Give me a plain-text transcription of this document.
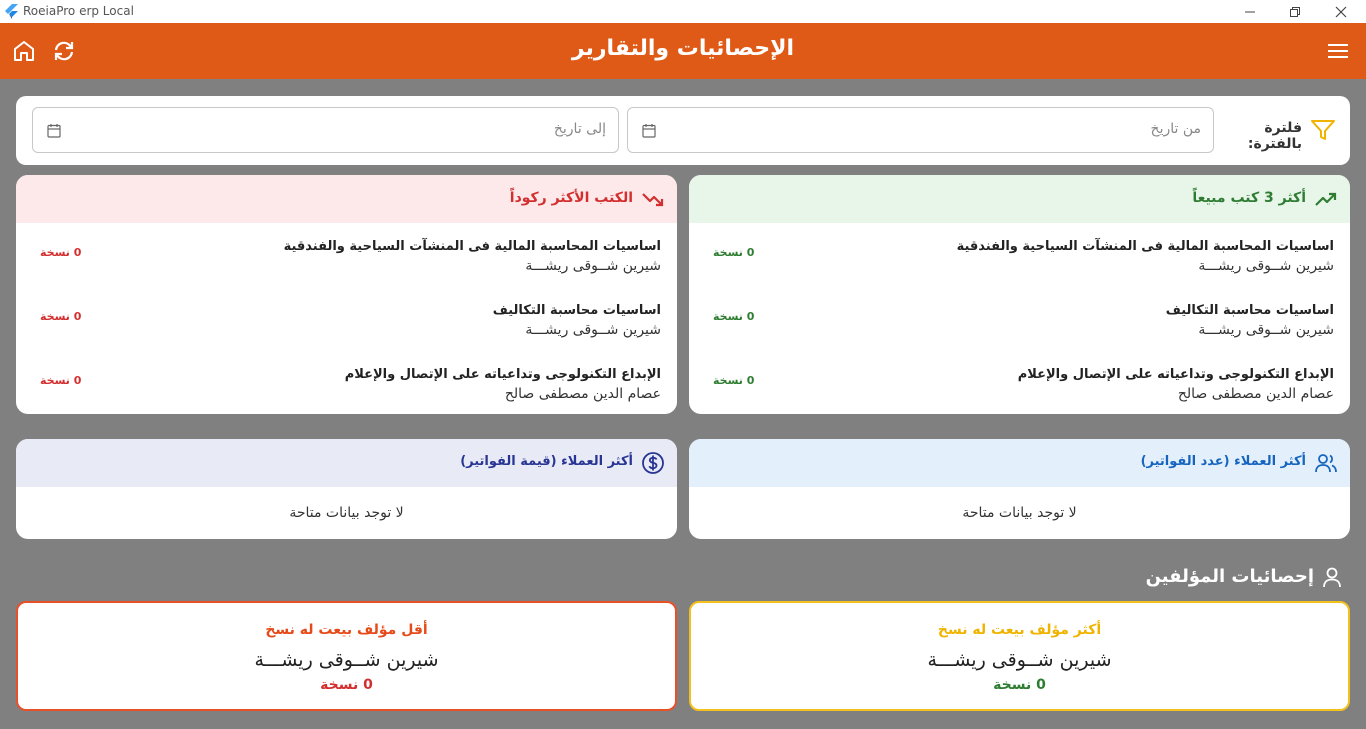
RoeiaPro erp Local
الإحصائيات والتقارير
فلترة بالفترة:
من تاريخ
إلى تاريخ
أكثر 3 كتب مبيعاً
اساسيات المحاسبة المالية فى المنشآت السياحية والفندقية
شيرين شــوقى ريشـــة
0 نسخة
اساسيات محاسبة التكاليف
شيرين شــوقى ريشـــة
0 نسخة
الإبداع التكنولوجى وتداعياته على الإتصال والإعلام
عصام الدين مصطفى صالح
0 نسخة
الكتب الأكثر ركوداً
اساسيات المحاسبة المالية فى المنشآت السياحية والفندقية
شيرين شــوقى ريشـــة
0 نسخة
اساسيات محاسبة التكاليف
شيرين شــوقى ريشـــة
0 نسخة
الإبداع التكنولوجى وتداعياته على الإتصال والإعلام
عصام الدين مصطفى صالح
0 نسخة
أكثر العملاء (عدد الفواتير)
لا توجد بيانات متاحة
أكثر العملاء (قيمة الفواتير)
لا توجد بيانات متاحة
إحصائيات المؤلفين
أكثر مؤلف بيعت له نسخ
شيرين شــوقى ريشـــة
0 نسخة
أقل مؤلف بيعت له نسخ
شيرين شــوقى ريشـــة
0 نسخة
